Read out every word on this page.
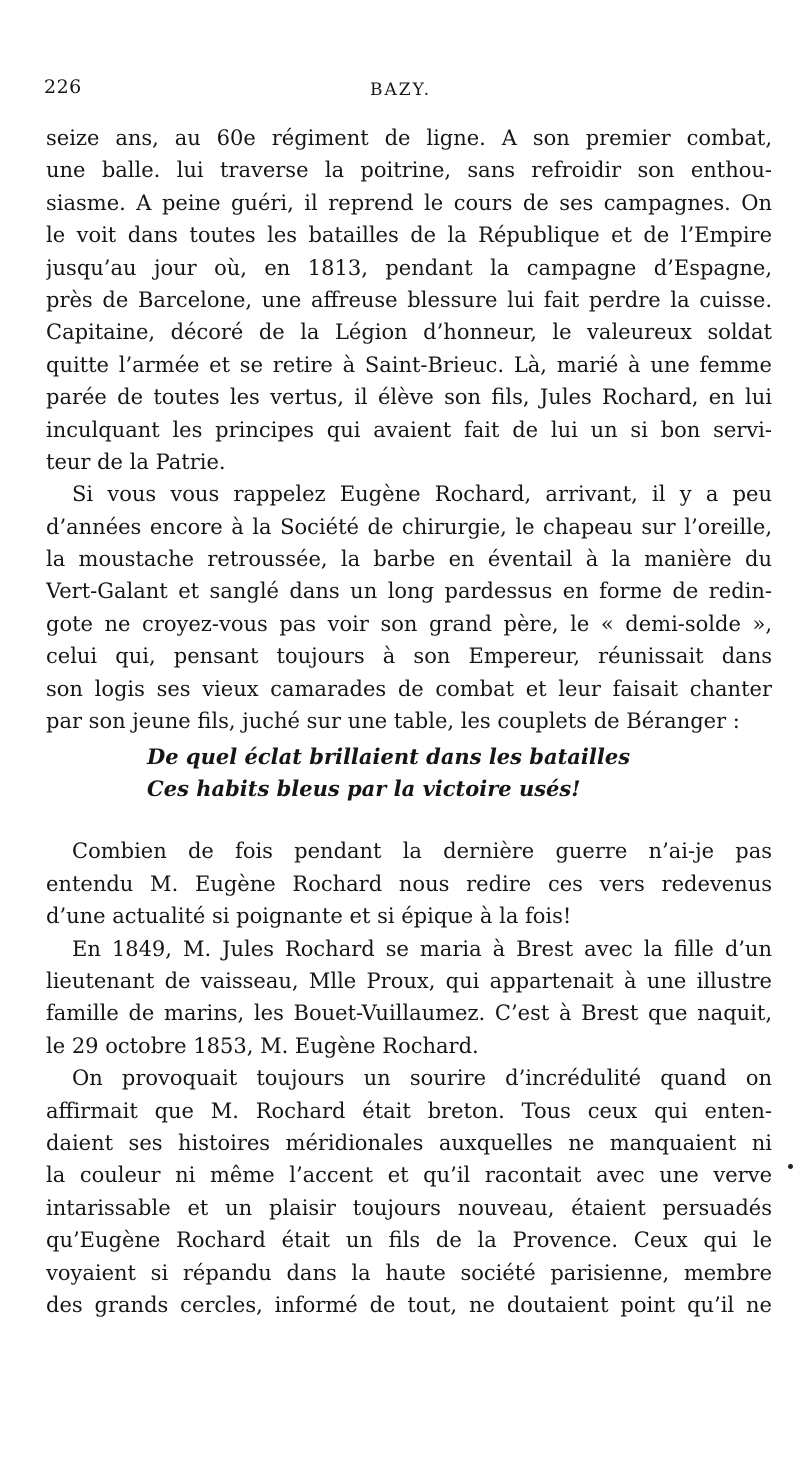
226	BAZY.
seize ans, au 60e régiment de ligne. A son premier combat,
une balle. lui traverse la poitrine, sans refroidir son enthou-
siasme. A peine guéri, il reprend le cours de ses campagnes. On
le voit dans toutes les batailles de la République et de l’Empire
jusqu’au jour où, en 1813, pendant la campagne d’Espagne,
près de Barcelone, une affreuse blessure lui fait perdre la cuisse.
Capitaine, décoré de la Légion d’honneur, le valeureux soldat
quitte l’armée et se retire à Saint-Brieuc. Là, marié à une femme
parée de toutes les vertus, il élève son fils, Jules Rochard, en lui
inculquant les principes qui avaient fait de lui un si bon servi-
teur de la Patrie.
Si vous vous rappelez Eugène Rochard, arrivant, il y a peu
d’années encore à la Société de chirurgie, le chapeau sur l’oreille,
la moustache retroussée, la barbe en éventail à la manière du
Vert-Galant et sanglé dans un long pardessus en forme de redin-
gote ne croyez-vous pas voir son grand père, le « demi-solde »,
celui qui, pensant toujours à son Empereur, réunissait dans
son logis ses vieux camarades de combat et leur faisait chanter
par son jeune fils, juché sur une table, les couplets de Béranger :
De quel éclat brillaient dans les batailles
Ces habits bleus par la victoire usés!
Combien de fois pendant la dernière guerre n’ai-je pas
entendu M. Eugène Rochard nous redire ces vers redevenus
d’une actualité si poignante et si épique à la fois!
En 1849, M. Jules Rochard se maria à Brest avec la fille d’un
lieutenant de vaisseau, Mlle Proux, qui appartenait à une illustre
famille de marins, les Bouet-Vuillaumez. C’est à Brest que naquit,
le 29 octobre 1853, M. Eugène Rochard.
On provoquait toujours un sourire d’incrédulité quand on
affirmait que M. Rochard était breton. Tous ceux qui enten-
daient ses histoires méridionales auxquelles ne manquaient ni
la couleur ni même l’accent et qu’il racontait avec une verve
intarissable et un plaisir toujours nouveau, étaient persuadés
qu’Eugène Rochard était un fils de la Provence. Ceux qui le
voyaient si répandu dans la haute société parisienne, membre
des grands cercles, informé de tout, ne doutaient point qu’il ne
